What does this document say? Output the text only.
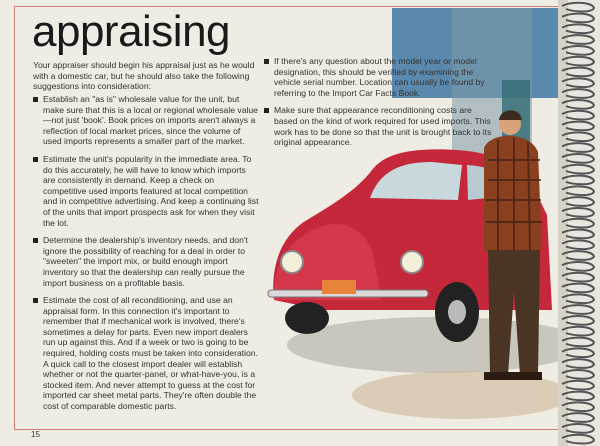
appraising

Your appraiser should begin his appraisal just as he would with a domestic car, but he should also take the following suggestions into consideration:

Establish an "as is" wholesale value for the unit, but make sure that this is a local or regional wholesale value—not just 'book'. Book prices on imports aren't always a reflection of local market prices, since the volume of used imports represents a smaller part of the market.
Estimate the unit's popularity in the immediate area. To do this accurately, he will have to know which imports are consistently in demand. Keep a check on competitive used imports featured at local competition and in competitive advertising. And keep a continuing list of the units that import prospects ask for when they visit the lot.
Determine the dealership's inventory needs, and don't ignore the possibility of reaching for a deal in order to "sweeten" the import mix, or build enough import inventory so that the dealership can really pursue the import business on a profitable basis.
Estimate the cost of all reconditioning, and use an appraisal form. In this connection it's important to remember that if mechanical work is involved, there's sometimes a delay for parts. Even new import dealers run up against this. And if a week or two is going to be required, holding costs must be taken into consideration. A quick call to the closest import dealer will establish whether or not the quarter-panel, or what-have-you, is a stocked item. And never attempt to guess at the cost for imported car sheet metal parts. They're often double the cost of comparable domestic parts.
If there's any question about the model year or model designation, this should be verified by examining the vehicle serial number. Location can usually be found by referring to the Import Car Facts Book.
Make sure that appearance reconditioning costs are based on the kind of work required for used imports. This work has to be done so that the unit is brought back to its original appearance.
15
